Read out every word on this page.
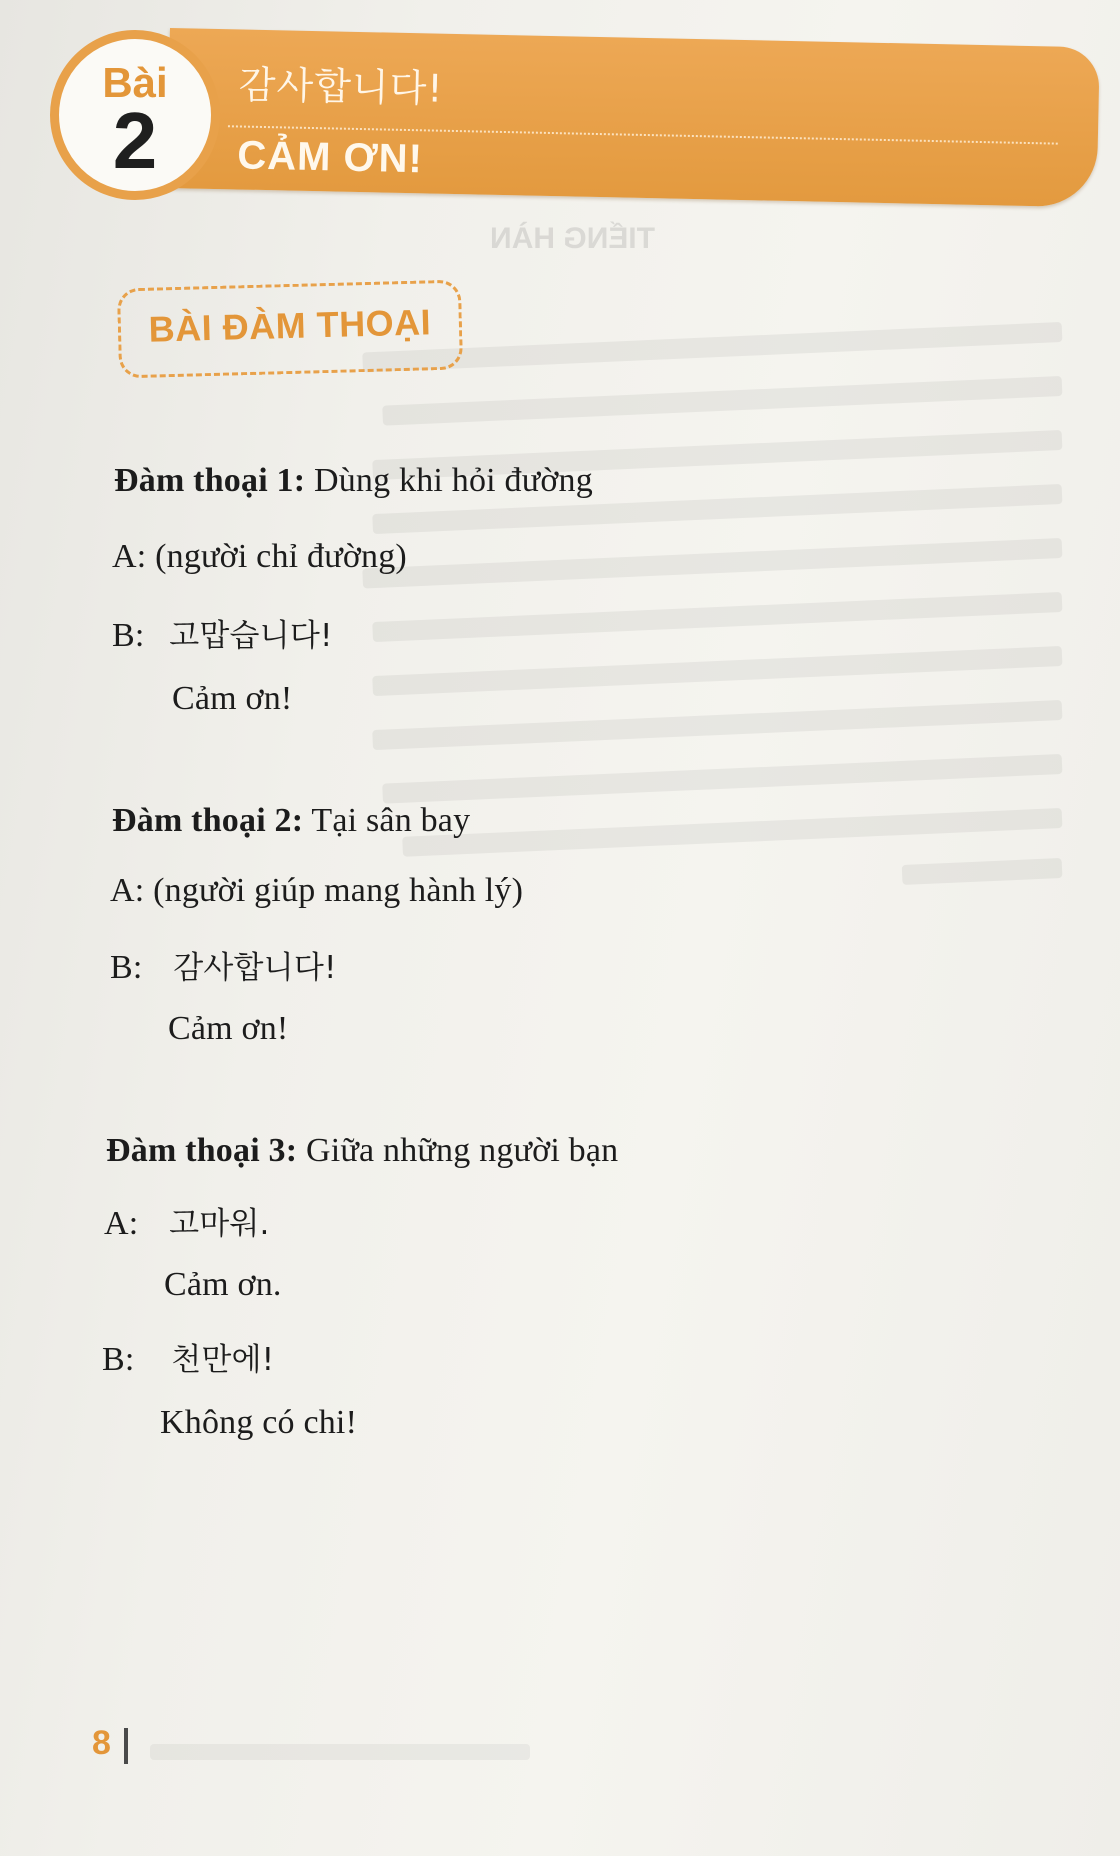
TIẾNG HÀN
감사합니다!
CẢM ƠN!
Bài
2
BÀI ĐÀM THOẠI
Đàm thoại 1: Dùng khi hỏi đường
A: (người chỉ đường)
B: 고맙습니다!
Cảm ơn!
Đàm thoại 2: Tại sân bay
A: (người giúp mang hành lý)
B: 감사합니다!
Cảm ơn!
Đàm thoại 3: Giữa những người bạn
A: 고마워.
Cảm ơn.
B: 천만에!
Không có chi!
8
